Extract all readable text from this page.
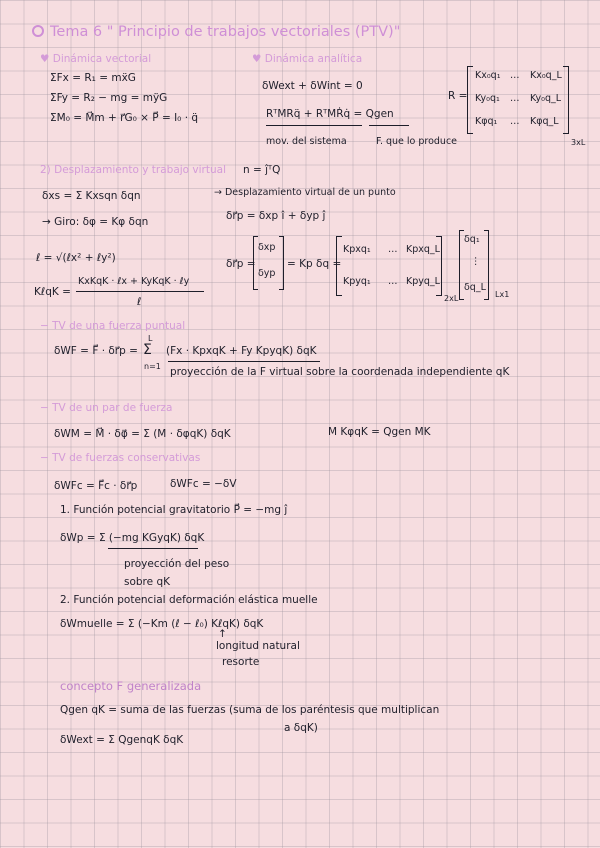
Tema 6 " Principio de trabajos vectoriales (PTV)"
♥ Dinámica vectorial
ΣFx = R₁ = mẍG
ΣFy = R₂ − mg = mÿG
ΣM₀ = M⃗m + r⃗G₀ × P⃗ = I₀ · q̈
♥ Dinámica analítica
δWext + δWint = 0
RᵀMRq̈ + RᵀMṘq̇ = Qgen
mov. del sistema	F. que lo produce
R =
Kx₀q₁ … Kx₀q_L
Ky₀q₁ … Ky₀q_L
Kφq₁ … Kφq_L
3xL
2) Desplazamiento y trabajo virtual n = ĵᵀQ
δxs = Σ Kxsqn δqn	→ Desplazamiento virtual de un punto
→ Giro: δφ = Kφ δqn	δr⃗p = δxp î + δyp ĵ
ℓ = √(ℓx² + ℓy²)
KℓqK =
KxKqK · ℓx + KyKqK · ℓy
ℓ
δr⃗p =
δxp
δyp
= Kp δq =
Kpxq₁ … Kpxq_L
Kpyq₁ … Kpyq_L
2xL
δq₁
⋮
δq_L
Lx1
− TV de una fuerza puntual
δWF = F⃗ · δr⃗p =
L
Σ
n=1
(Fx · KpxqK + Fy KpyqK) δqK
proyección de la F virtual sobre la coordenada independiente qK
− TV de un par de fuerza
δWM = M⃗ · δφ⃗ = Σ (M · δφqK) δqK	M KφqK = Qgen MK
− TV de fuerzas conservativas
δWFc = F⃗c · δr⃗p	δWFc = −δV
1. Función potencial gravitatorio P⃗ = −mg ĵ
δWp = Σ (−mg KGyqK) δqK
proyección del peso
sobre qK
2. Función potencial deformación elástica muelle
δWmuelle = Σ (−Km (ℓ − ℓ₀) KℓqK) δqK
↑
longitud natural
resorte
concepto F generalizada
Qgen qK = suma de las fuerzas (suma de los paréntesis que multiplican
a δqK)
δWext = Σ QgenqK δqK
